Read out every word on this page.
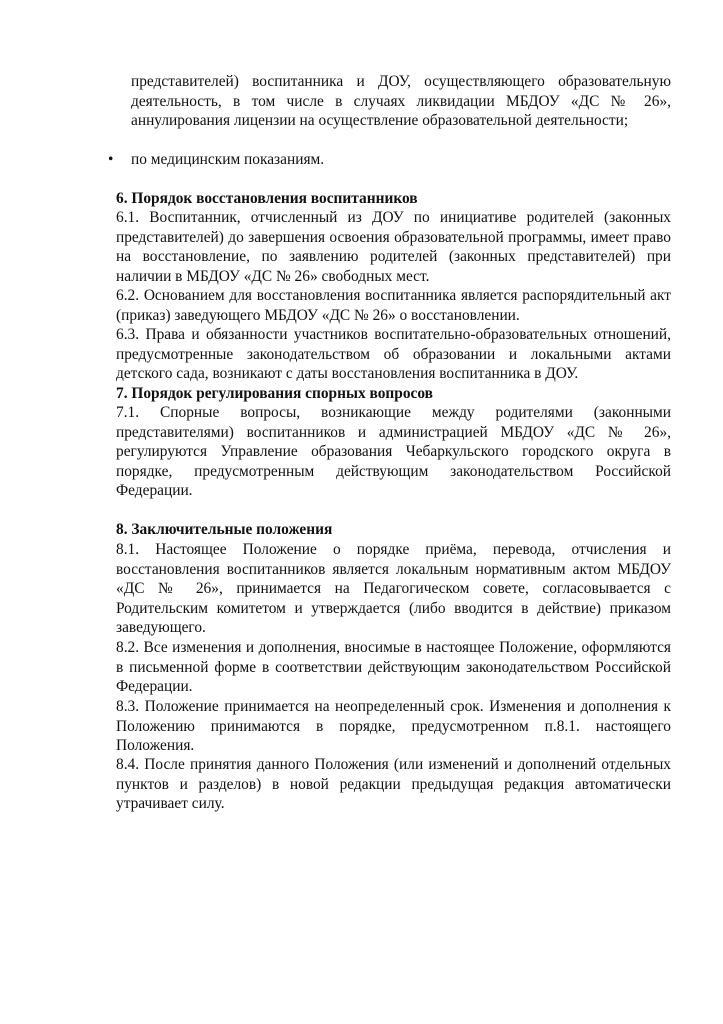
представителей) воспитанника и ДОУ, осуществляющего образовательную деятельность, в том числе в случаях ликвидации МБДОУ «ДС № 26», аннулирования лицензии на осуществление образовательной деятельности;

• по медицинским показаниям.
6. Порядок восстановления воспитанников

6.1. Воспитанник, отчисленный из ДОУ по инициативе родителей (законных представителей) до завершения освоения образовательной программы, имеет право на восстановление, по заявлению родителей (законных представителей) при наличии в МБДОУ «ДС № 26» свободных мест.

6.2. Основанием для восстановления воспитанника является распорядительный акт (приказ) заведующего МБДОУ «ДС № 26» о восстановлении.

6.3. Права и обязанности участников воспитательно-образовательных отношений, предусмотренные законодательством об образовании и локальными актами детского сада, возникают с даты восстановления воспитанника в ДОУ.

7. Порядок регулирования спорных вопросов

7.1. Спорные вопросы, возникающие между родителями (законными представителями) воспитанников и администрацией МБДОУ «ДС № 26», регулируются Управление образования Чебаркульского городского округа в порядке, предусмотренным действующим законодательством Российской Федерации.

8. Заключительные положения

8.1. Настоящее Положение о порядке приёма, перевода, отчисления и восстановления воспитанников является локальным нормативным актом МБДОУ «ДС № 26», принимается на Педагогическом совете, согласовывается с Родительским комитетом и утверждается (либо вводится в действие) приказом заведующего.

8.2. Все изменения и дополнения, вносимые в настоящее Положение, оформляются в письменной форме в соответствии действующим законодательством Российской Федерации.

8.3. Положение принимается на неопределенный срок. Изменения и дополнения к Положению принимаются в порядке, предусмотренном п.8.1. настоящего Положения.

8.4. После принятия данного Положения (или изменений и дополнений отдельных пунктов и разделов) в новой редакции предыдущая редакция автоматически утрачивает силу.
